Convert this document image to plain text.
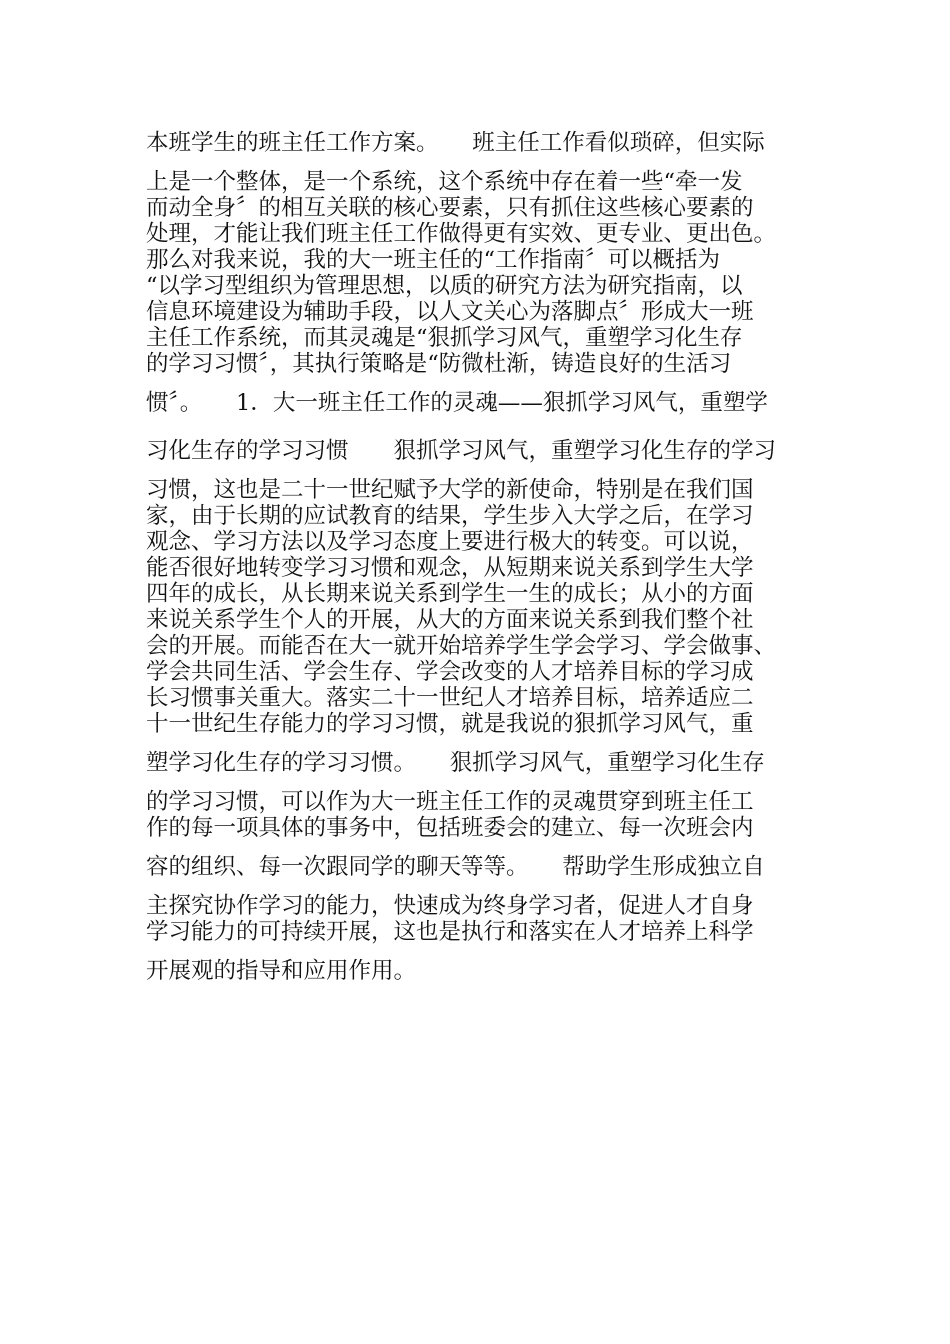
本班学生的班主任工作方案。　　班主任工作看似琐碎，但实际
上是一个整体，是一个系统，这个系统中存在着一些“牵一发
而动全身〞的相互关联的核心要素，只有抓住这些核心要素的
处理，才能让我们班主任工作做得更有实效、更专业、更出色。
那么对我来说，我的大一班主任的“工作指南〞可以概括为
“以学习型组织为管理思想，以质的研究方法为研究指南，以
信息环境建设为辅助手段，以人文关心为落脚点〞形成大一班
主任工作系统，而其灵魂是“狠抓学习风气，重塑学习化生存
的学习习惯〞，其执行策略是“防微杜渐，铸造良好的生活习
惯〞。　　1．大一班主任工作的灵魂——狠抓学习风气，重塑学
习化生存的学习习惯　　狠抓学习风气，重塑学习化生存的学习
习惯，这也是二十一世纪赋予大学的新使命，特别是在我们国
家，由于长期的应试教育的结果，学生步入大学之后，在学习
观念、学习方法以及学习态度上要进行极大的转变。可以说，
能否很好地转变学习习惯和观念，从短期来说关系到学生大学
四年的成长，从长期来说关系到学生一生的成长；从小的方面
来说关系学生个人的开展，从大的方面来说关系到我们整个社
会的开展。而能否在大一就开始培养学生学会学习、学会做事、
学会共同生活、学会生存、学会改变的人才培养目标的学习成
长习惯事关重大。落实二十一世纪人才培养目标，培养适应二
十一世纪生存能力的学习习惯，就是我说的狠抓学习风气，重
塑学习化生存的学习习惯。　　狠抓学习风气，重塑学习化生存
的学习习惯，可以作为大一班主任工作的灵魂贯穿到班主任工
作的每一项具体的事务中，包括班委会的建立、每一次班会内
容的组织、每一次跟同学的聊天等等。　　帮助学生形成独立自
主探究协作学习的能力，快速成为终身学习者，促进人才自身
学习能力的可持续开展，这也是执行和落实在人才培养上科学
开展观的指导和应用作用。
